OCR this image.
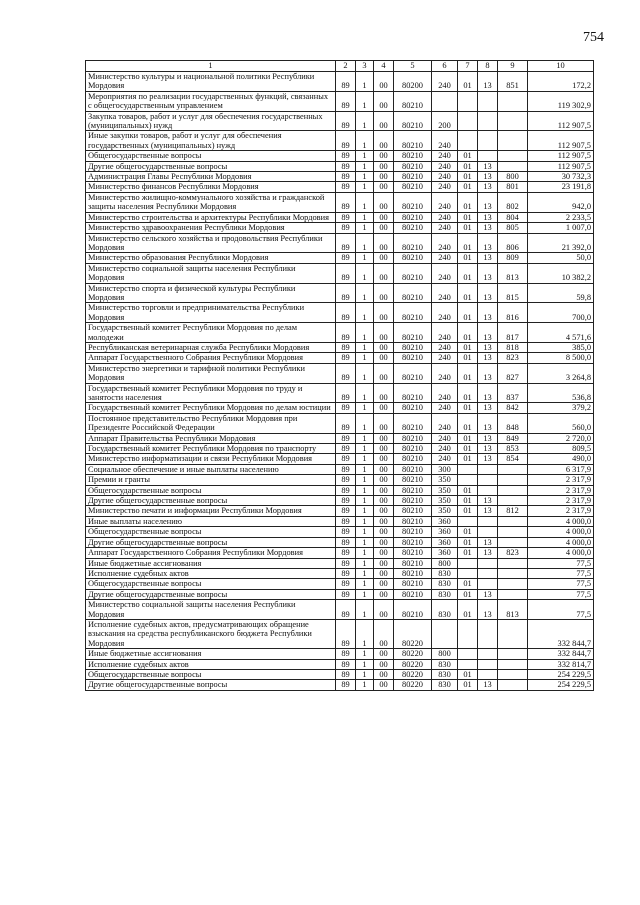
754
1	2	3	4	5	6	7	8	9	10
Министерство культуры и национальной политики Республики Мордовия	89	1	00	80200	240	01	13	851	172,2
Мероприятия по реализации государственных функций, связанных с общегосударственным управлением	89	1	00	80210					119 302,9
Закупка товаров, работ и услуг для обеспечения государственных (муниципальных) нужд	89	1	00	80210	200				112 907,5
Иные закупки товаров, работ и услуг для обеспечения государственных (муниципальных) нужд	89	1	00	80210	240				112 907,5
Общегосударственные вопросы	89	1	00	80210	240	01			112 907,5
Другие общегосударственные вопросы	89	1	00	80210	240	01	13		112 907,5
Администрация Главы Республики Мордовия	89	1	00	80210	240	01	13	800	30 732,3
Министерство финансов Республики Мордовия	89	1	00	80210	240	01	13	801	23 191,8
Министерство жилищно-коммунального хозяйства и гражданской защиты населения Республики Мордовия	89	1	00	80210	240	01	13	802	942,0
Министерство строительства и архитектуры Республики Мордовия	89	1	00	80210	240	01	13	804	2 233,5
Министерство здравоохранения Республики Мордовия	89	1	00	80210	240	01	13	805	1 007,0
Министерство сельского хозяйства и продовольствия Республики Мордовия	89	1	00	80210	240	01	13	806	21 392,0
Министерство образования Республики Мордовия	89	1	00	80210	240	01	13	809	50,0
Министерство социальной защиты населения Республики Мордовия	89	1	00	80210	240	01	13	813	10 382,2
Министерство спорта и физической культуры Республики Мордовия	89	1	00	80210	240	01	13	815	59,8
Министерство торговли и предпринимательства Республики Мордовия	89	1	00	80210	240	01	13	816	700,0
Государственный комитет Республики Мордовия по делам молодежи	89	1	00	80210	240	01	13	817	4 571,6
Республиканская ветеринарная служба Республики Мордовия	89	1	00	80210	240	01	13	818	385,0
Аппарат Государственного Собрания Республики Мордовия	89	1	00	80210	240	01	13	823	8 500,0
Министерство энергетики и тарифной политики Республики Мордовия	89	1	00	80210	240	01	13	827	3 264,8
Государственный комитет Республики Мордовия по труду и занятости населения	89	1	00	80210	240	01	13	837	536,8
Государственный комитет Республики Мордовия по делам юстиции	89	1	00	80210	240	01	13	842	379,2
Постоянное представительство Республики Мордовия при Президенте Российской Федерации	89	1	00	80210	240	01	13	848	560,0
Аппарат Правительства Республики Мордовия	89	1	00	80210	240	01	13	849	2 720,0
Государственный комитет Республики Мордовия по транспорту	89	1	00	80210	240	01	13	853	809,5
Министерство информатизации и связи Республики Мордовия	89	1	00	80210	240	01	13	854	490,0
Социальное обеспечение и иные выплаты населению	89	1	00	80210	300				6 317,9
Премии и гранты	89	1	00	80210	350				2 317,9
Общегосударственные вопросы	89	1	00	80210	350	01			2 317,9
Другие общегосударственные вопросы	89	1	00	80210	350	01	13		2 317,9
Министерство печати и информации Республики Мордовия	89	1	00	80210	350	01	13	812	2 317,9
Иные выплаты населению	89	1	00	80210	360				4 000,0
Общегосударственные вопросы	89	1	00	80210	360	01			4 000,0
Другие общегосударственные вопросы	89	1	00	80210	360	01	13		4 000,0
Аппарат Государственного Собрания Республики Мордовия	89	1	00	80210	360	01	13	823	4 000,0
Иные бюджетные ассигнования	89	1	00	80210	800				77,5
Исполнение судебных актов	89	1	00	80210	830				77,5
Общегосударственные вопросы	89	1	00	80210	830	01			77,5
Другие общегосударственные вопросы	89	1	00	80210	830	01	13		77,5
Министерство социальной защиты населения Республики Мордовия	89	1	00	80210	830	01	13	813	77,5
Исполнение судебных актов, предусматривающих обращение взыскания на средства республиканского бюджета Республики Мордовия	89	1	00	80220					332 844,7
Иные бюджетные ассигнования	89	1	00	80220	800				332 844,7
Исполнение судебных актов	89	1	00	80220	830				332 814,7
Общегосударственные вопросы	89	1	00	80220	830	01			254 229,5
Другие общегосударственные вопросы	89	1	00	80220	830	01	13		254 229,5
